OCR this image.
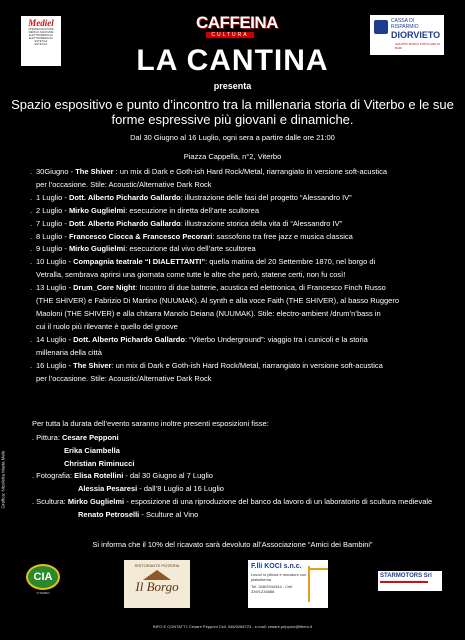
Mediel
APPARECCHIATURE
MEDICO-SANITARIE
ELETTROMEDICALI
ELETTROMEDICALI ESTETICA
ESTETICA
CAFFEINA
CULTURA
CASSA DI RISPARMIO
DIORVIETO
GRUPPO BANCA POPOLARE DI BARI
LA CANTINA
presenta
Spazio espositivo e punto d’incontro tra la millenaria storia di Viterbo e le sue forme espressive più giovani e dinamiche.
Dal 30 Giugno al 16 Luglio, ogni sera a partire dalle ore 21:00
Piazza Cappella, n°2, Viterbo
. 30Giugno - The Shiver : un mix di Dark e Goth-ish Hard Rock/Metal, riarrangiato in versione soft-acustica
per l’occasione. Stile: Acoustic/Alternative Dark Rock
. 1 Luglio - Dott. Alberto Pichardo Gallardo: illustrazione delle fasi del progetto “Alessandro IV”
. 2 Luglio - Mirko Guglielmi: esecuzione in diretta dell’arte scultorea
. 7 Luglio - Dott. Alberto Pichardo Gallardo: illustrazione storica della vita di “Alessandro IV”
. 8 Luglio - Francesco Ciocca & Francesco Pecorari: sassofono tra free jazz e musica classica
. 9 Luglio - Mirko Guglielmi: esecuzione dal vivo dell’arte scultorea
. 10 Luglio - Compagnia teatrale “I DIALETTANTI”: quella matina del 20 Settembre 1870, nel borgo di
Vetralla, sembrava aprirsi una giornata come tutte le altre che però, statene certi, non fu così!
. 13 Luglio - Drum_Core Night: Incontro di due batterie, acustica ed elettronica, di Francesco Finch Russo
(THE SHIVER) e Fabrizio Di Martino (NUUMAK). Al synth e alla voce Faith (THE SHIVER), al basso Ruggero
Maoloni (THE SHIVER) e alla chitarra Manolo Deiana (NUUMAK). Stile: electro-ambient /drum’n’bass in
cui il ruolo più rilevante è quello del groove
. 14 Luglio - Dott. Alberto Pichardo Gallardo: “Viterbo Underground”: viaggio tra i cunicoli e la storia
millenaria della città
. 16 Luglio - The Shiver: un mix di Dark e Goth-ish Hard Rock/Metal, riarrangiato in versione soft-acustica
per l’occasione. Stile: Acoustic/Alternative Dark Rock
Per tutta la durata dell’evento saranno inoltre presenti esposizioni fisse:
. Pittura: Cesare Pepponi
Erika Ciambella
Christian Riminucci
. Fotografia: Elisa Rotellini - dal 30 Giugno al 7 Luglio
Alessia Pesaresi - dall’8 Luglio al 16 Luglio
. Scultura: Mirko Guglielmi - esposizione di una riproduzione del banco da lavoro di un laboratorio di scultura medievale
Renato Petroselli - Sculture al Vino
Grafica: Nicoletta Maria Mele
Si informa che il 10% del ricavato sarà devoluto all’Associazione “Amici dei Bambini”
CIA
VITERBO
RISTORANTE PIZZERIA
Il Borgo
F.lli KOCI s.n.c.
Lavori in pittura e murature con piattaforma
Tel. 348/2944344 - Cell. 339/1234888
STARMOTORS Srl
INFO E CONTATTI: Cesare Pepponi Cell. 348/9268723 - e-mail: cesare.pepponi@libero.it
